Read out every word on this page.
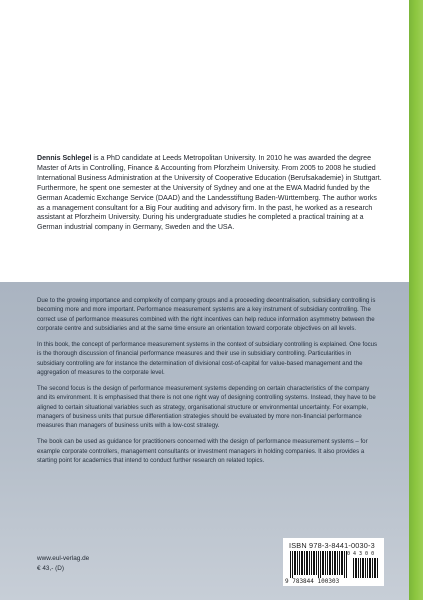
Dennis Schlegel is a PhD candidate at Leeds Metropolitan University. In 2010 he was awarded the degree Master of Arts in Controlling, Finance & Accounting from Pforzheim University. From 2005 to 2008 he studied International Business Administration at the University of Cooperative Education (Berufsakademie) in Stuttgart. Furthermore, he spent one semester at the University of Sydney and one at the EWA Madrid funded by the German Academic Exchange Service (DAAD) and the Landesstiftung Baden-Württemberg. The author works as a management consultant for a Big Four auditing and advisory firm. In the past, he worked as a research assistant at Pforzheim University. During his undergraduate studies he completed a practical training at a German industrial company in Germany, Sweden and the USA.

Due to the growing importance and complexity of company groups and a proceeding decentralisation, subsidiary controlling is becoming more and more important. Performance measurement systems are a key instrument of subsidiary controlling. The correct use of performance measures combined with the right incentives can help reduce information asymmetry between the corporate centre and subsidiaries and at the same time ensure an orientation toward corporate objectives on all levels.

In this book, the concept of performance measurement systems in the context of subsidiary controlling is explained. One focus is the thorough discussion of financial performance measures and their use in subsidiary controlling. Particularities in subsidiary controlling are for instance the determination of divisional cost-of-capital for value-based management and the aggregation of measures to the corporate level.

The second focus is the design of performance measurement systems depending on certain characteristics of the company and its environment. It is emphasised that there is not one right way of designing controlling systems. Instead, they have to be aligned to certain situational variables such as strategy, organisational structure or environmental uncertainty. For example, managers of business units that pursue differentiation strategies should be evaluated by more non-financial performance measures than managers of business units with a low-cost strategy.

The book can be used as guidance for practitioners concerned with the design of performance measurement systems – for example corporate controllers, management consultants or investment managers in holding companies. It also provides a starting point for academics that intend to conduct further research on related topics.

www.eul-verlag.de
€ 43,- (D)
ISBN 978-3-8441-0030-3
0 4 3 0 0
9 783844 100303
